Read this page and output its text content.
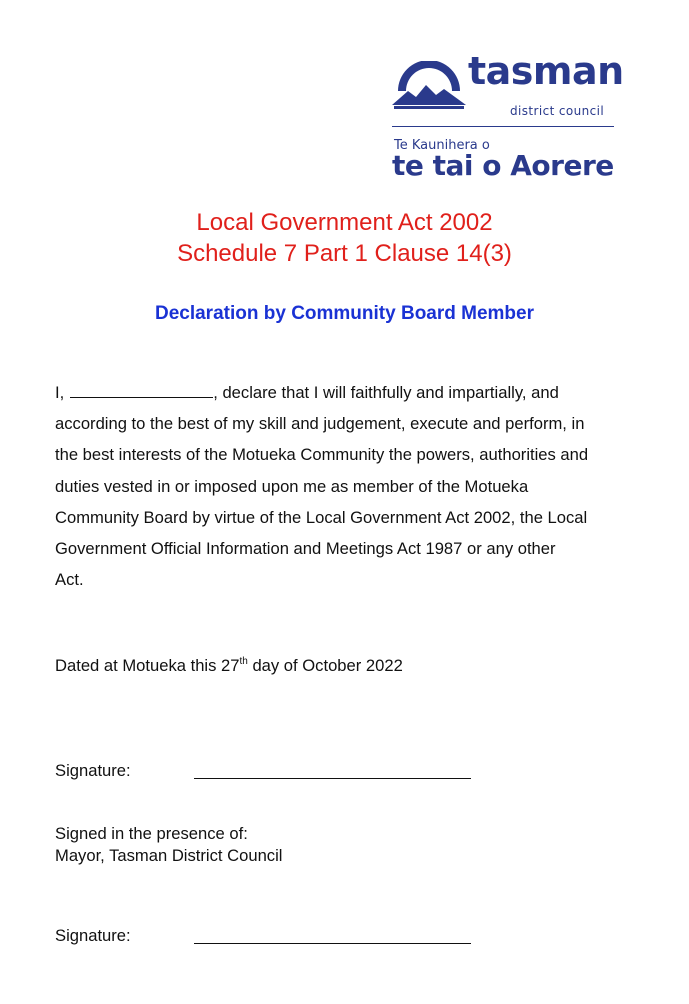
tasman
district council
Te Kaunihera o
te tai o Aorere
Local Government Act 2002
Schedule 7 Part 1 Clause 14(3)
Declaration by Community Board Member
I,	, declare that I will faithfully and impartially, and
according to the best of my skill and judgement, execute and perform, in
the best interests of the Motueka Community the powers, authorities and
duties vested in or imposed upon me as member of the Motueka
Community Board by virtue of the Local Government Act 2002, the Local
Government Official Information and Meetings Act 1987 or any other
Act.
Dated at Motueka this 27th day of October 2022
Signature:
Signed in the presence of:
Mayor, Tasman District Council
Signature:
